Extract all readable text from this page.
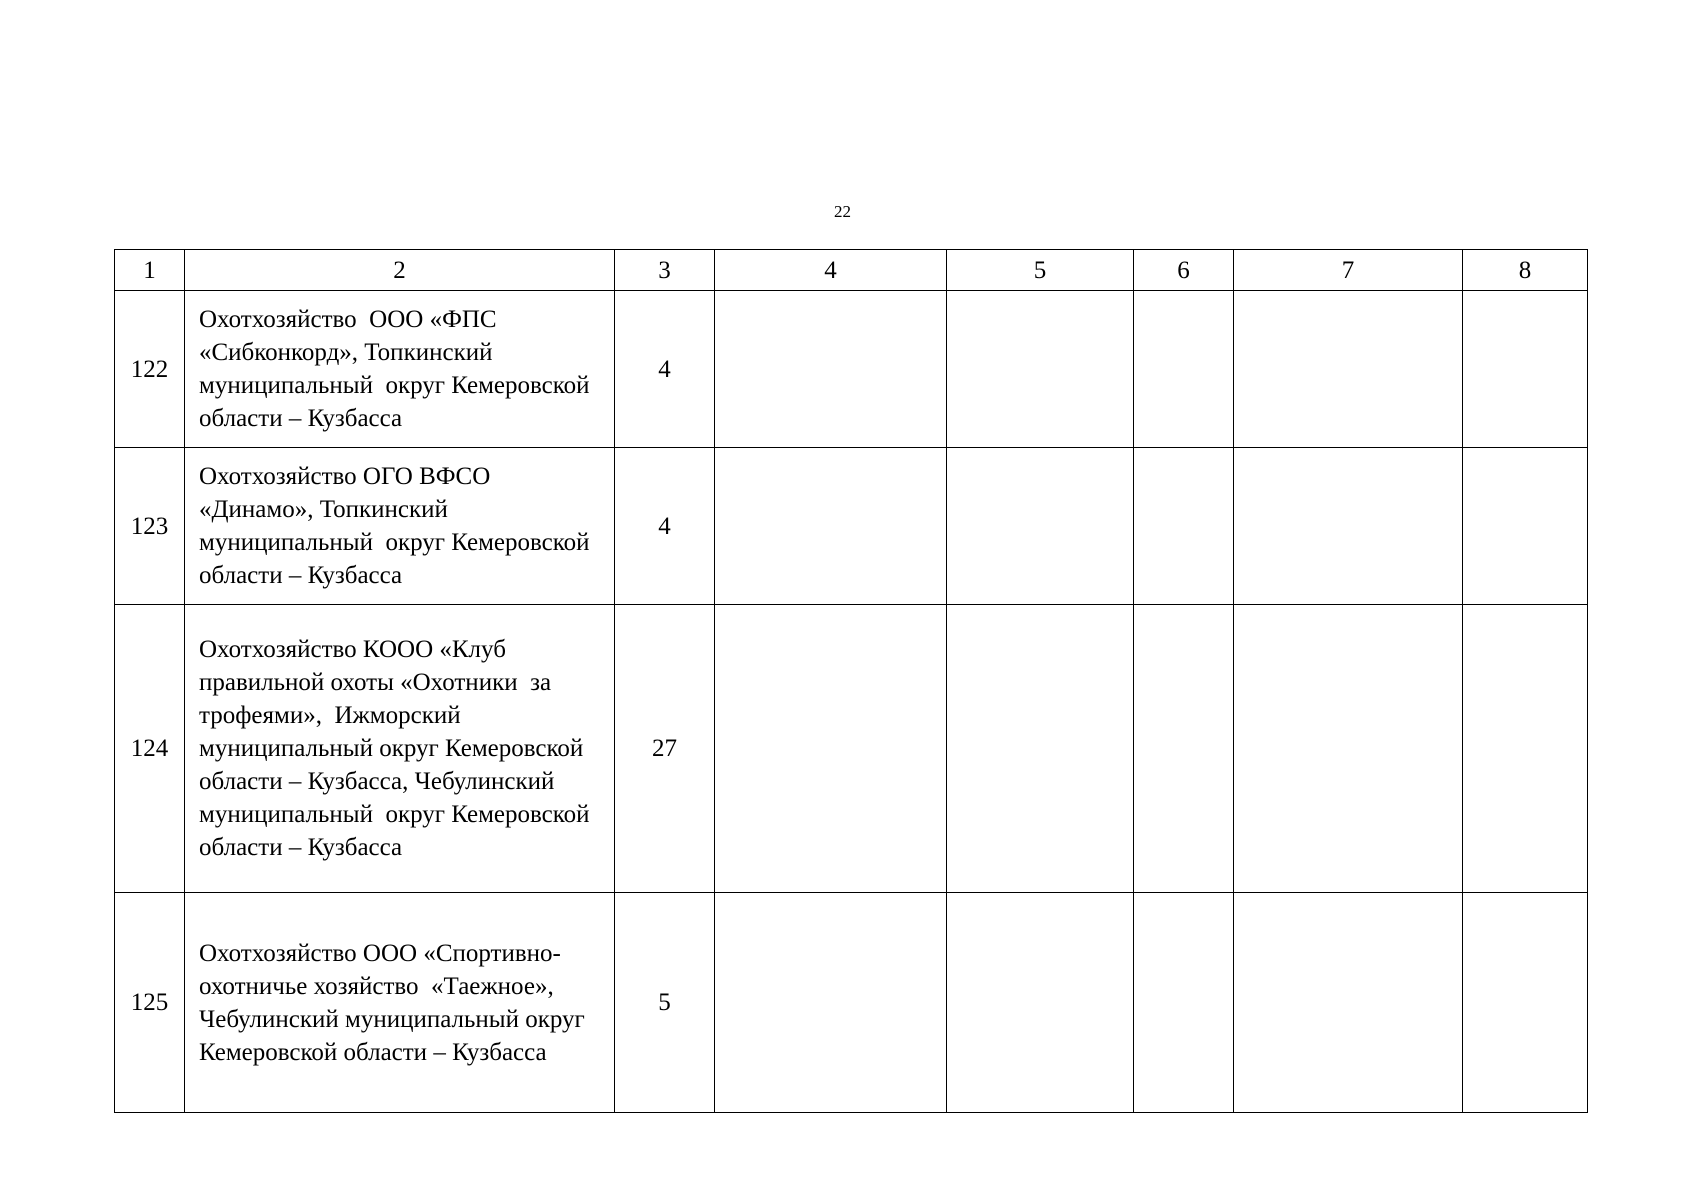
22
1	2	3	4	5	6	7	8
122	Охотхозяйство  ООО «ФПС «Сибконкорд», Топкинский муниципальный  округ Кемеровской области – Кузбасса	4					
123	Охотхозяйство ОГО ВФСО «Динамо», Топкинский муниципальный  округ Кемеровской области – Кузбасса	4					
124	Охотхозяйство КООО «Клуб правильной охоты «Охотники  за трофеями»,  Ижморский муниципальный округ Кемеровской области – Кузбасса, Чебулинский муниципальный  округ Кемеровской области – Кузбасса	27					
125	Охотхозяйство ООО «Спортивно-охотничье хозяйство  «Таежное», Чебулинский муниципальный округ Кемеровской области – Кузбасса	5					
